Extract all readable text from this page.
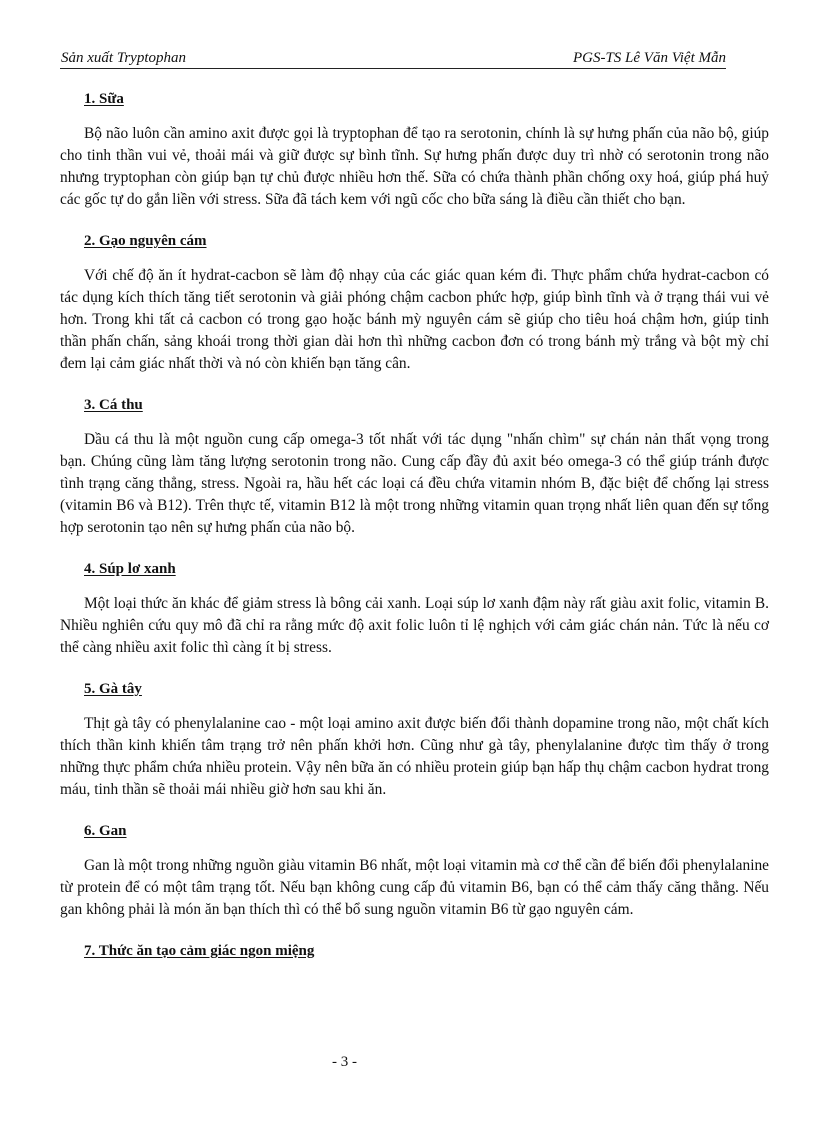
Sản xuất Tryptophan	PGS-TS Lê Văn Việt Mẫn
1. Sữa

Bộ não luôn cần amino axit được gọi là tryptophan để tạo ra serotonin, chính là sự hưng phấn của não bộ, giúp cho tinh thần vui vẻ, thoải mái và giữ được sự bình tĩnh. Sự hưng phấn được duy trì nhờ có serotonin trong não nhưng tryptophan còn giúp bạn tự chủ được nhiều hơn thế. Sữa có chứa thành phần chống oxy hoá, giúp phá huỷ các gốc tự do gắn liền với stress. Sữa đã tách kem với ngũ cốc cho bữa sáng là điều cần thiết cho bạn.

2. Gạo nguyên cám

Với chế độ ăn ít hydrat-cacbon sẽ làm độ nhạy của các giác quan kém đi. Thực phẩm chứa hydrat-cacbon có tác dụng kích thích tăng tiết serotonin và giải phóng chậm cacbon phức hợp, giúp bình tĩnh và ở trạng thái vui vẻ hơn. Trong khi tất cả cacbon có trong gạo hoặc bánh mỳ nguyên cám sẽ giúp cho tiêu hoá chậm hơn, giúp tinh thần phấn chấn, sảng khoái trong thời gian dài hơn thì những cacbon đơn có trong bánh mỳ trắng và bột mỳ chỉ đem lại cảm giác nhất thời và nó còn khiến bạn tăng cân.

3. Cá thu

Dầu cá thu là một nguồn cung cấp omega-3 tốt nhất với tác dụng "nhấn chìm" sự chán nản thất vọng trong bạn. Chúng cũng làm tăng lượng serotonin trong não. Cung cấp đầy đủ axit béo omega-3 có thể giúp tránh được tình trạng căng thẳng, stress. Ngoài ra, hầu hết các loại cá đều chứa vitamin nhóm B, đặc biệt để chống lại stress (vitamin B6 và B12). Trên thực tế, vitamin B12 là một trong những vitamin quan trọng nhất liên quan đến sự tổng hợp serotonin tạo nên sự hưng phấn của não bộ.

4. Súp lơ xanh

Một loại thức ăn khác để giảm stress là bông cải xanh. Loại súp lơ xanh đậm này rất giàu axit folic, vitamin B. Nhiều nghiên cứu quy mô đã chỉ ra rằng mức độ axit folic luôn tỉ lệ nghịch với cảm giác chán nản. Tức là nếu cơ thể càng nhiều axit folic thì càng ít bị stress.

5. Gà tây

Thịt gà tây có phenylalanine cao - một loại amino axit được biến đổi thành dopamine trong não, một chất kích thích thần kinh khiến tâm trạng trở nên phấn khởi hơn. Cũng như gà tây, phenylalanine được tìm thấy ở trong những thực phẩm chứa nhiều protein. Vậy nên bữa ăn có nhiều protein giúp bạn hấp thụ chậm cacbon hydrat trong máu, tinh thần sẽ thoải mái nhiều giờ hơn sau khi ăn.

6. Gan

Gan là một trong những nguồn giàu vitamin B6 nhất, một loại vitamin mà cơ thể cần để biến đổi phenylalanine từ protein để có một tâm trạng tốt. Nếu bạn không cung cấp đủ vitamin B6, bạn có thể cảm thấy căng thẳng. Nếu gan không phải là món ăn bạn thích thì có thể bổ sung nguồn vitamin B6 từ gạo nguyên cám.

7. Thức ăn tạo cảm giác ngon miệng
- 3 -
